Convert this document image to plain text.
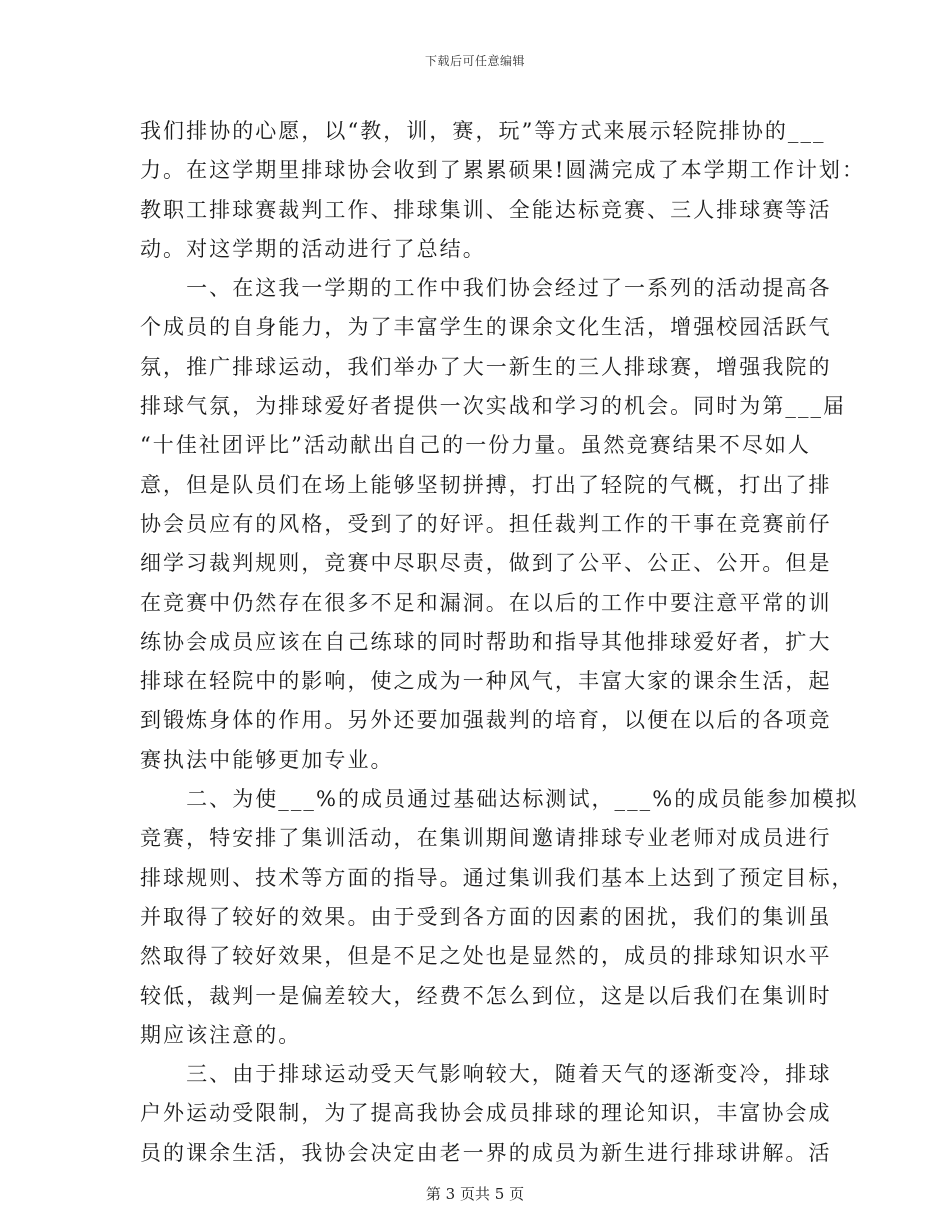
下载后可任意编辑
我们排协的心愿，以“教，训，赛，玩”等方式来展示轻院排协的___
力。在这学期里排球协会收到了累累硕果!圆满完成了本学期工作计划：
教职工排球赛裁判工作、排球集训、全能达标竞赛、三人排球赛等活
动。对这学期的活动进行了总结。
　　一、在这我一学期的工作中我们协会经过了一系列的活动提高各
个成员的自身能力，为了丰富学生的课余文化生活，增强校园活跃气
氛，推广排球运动，我们举办了大一新生的三人排球赛，增强我院的
排球气氛，为排球爱好者提供一次实战和学习的机会。同时为第___届
“十佳社团评比”活动献出自己的一份力量。虽然竞赛结果不尽如人
意，但是队员们在场上能够坚韧拼搏，打出了轻院的气概，打出了排
协会员应有的风格，受到了的好评。担任裁判工作的干事在竞赛前仔
细学习裁判规则，竞赛中尽职尽责，做到了公平、公正、公开。但是
在竞赛中仍然存在很多不足和漏洞。在以后的工作中要注意平常的训
练协会成员应该在自己练球的同时帮助和指导其他排球爱好者，扩大
排球在轻院中的影响，使之成为一种风气，丰富大家的课余生活，起
到锻炼身体的作用。另外还要加强裁判的培育，以便在以后的各项竞
赛执法中能够更加专业。
　　二、为使___%的成员通过基础达标测试，___%的成员能参加模拟
竞赛，特安排了集训活动，在集训期间邀请排球专业老师对成员进行
排球规则、技术等方面的指导。通过集训我们基本上达到了预定目标，
并取得了较好的效果。由于受到各方面的因素的困扰，我们的集训虽
然取得了较好效果，但是不足之处也是显然的，成员的排球知识水平
较低，裁判一是偏差较大，经费不怎么到位，这是以后我们在集训时
期应该注意的。
　　三、由于排球运动受天气影响较大，随着天气的逐渐变冷，排球
户外运动受限制，为了提高我协会成员排球的理论知识，丰富协会成
员的课余生活，我协会决定由老一界的成员为新生进行排球讲解。活
第 3 页共 5 页
